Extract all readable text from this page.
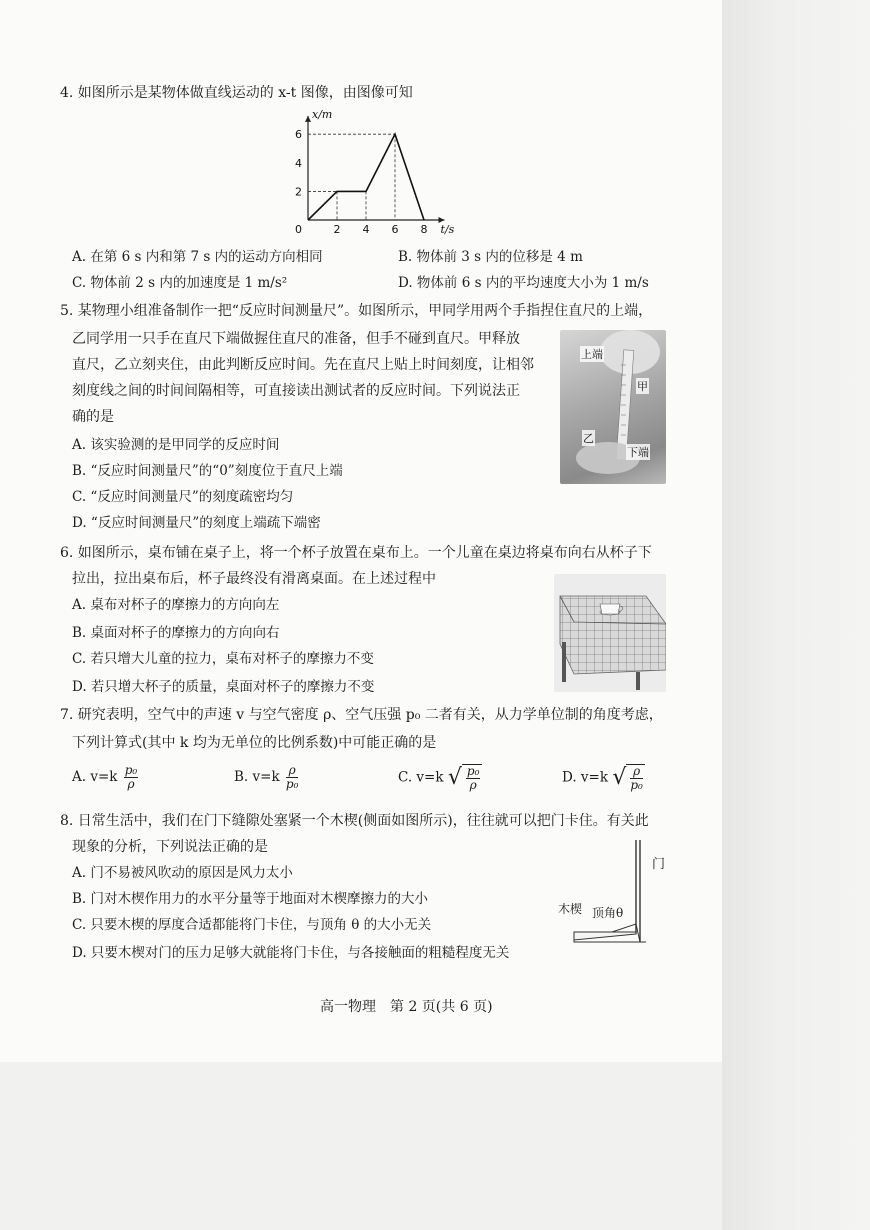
4. 如图所示是某物体做直线运动的 x-t 图像，由图像可知
2 4 6 8
2
4
6
0
x/m
t/s
A. 在第 6 s 内和第 7 s 内的运动方向相同	B. 物体前 3 s 内的位移是 4 m
C. 物体前 2 s 内的加速度是 1 m/s²	D. 物体前 6 s 内的平均速度大小为 1 m/s
5. 某物理小组准备制作一把“反应时间测量尺”。如图所示，甲同学用两个手指捏住直尺的上端，
乙同学用一只手在直尺下端做握住直尺的准备，但手不碰到直尺。甲释放
直尺，乙立刻夹住，由此判断反应时间。先在直尺上贴上时间刻度，让相邻
刻度线之间的时间间隔相等，可直接读出测试者的反应时间。下列说法正
确的是
上端
甲
乙
下端
A. 该实验测的是甲同学的反应时间
B. “反应时间测量尺”的“0”刻度位于直尺上端
C. “反应时间测量尺”的刻度疏密均匀
D. “反应时间测量尺”的刻度上端疏下端密
6. 如图所示，桌布铺在桌子上，将一个杯子放置在桌布上。一个儿童在桌边将桌布向右从杯子下
拉出，拉出桌布后，杯子最终没有滑离桌面。在上述过程中
A. 桌布对杯子的摩擦力的方向向左
B. 桌面对杯子的摩擦力的方向向右
C. 若只增大儿童的拉力，桌布对杯子的摩擦力不变
D. 若只增大杯子的质量，桌面对杯子的摩擦力不变
7. 研究表明，空气中的声速 v 与空气密度 ρ、空气压强 p₀ 二者有关，从力学单位制的角度考虑，
下列计算式(其中 k 均为无单位的比例系数)中可能正确的是
A. $v=k \frac{\text{p₀}}{\rho}$	B. $v=k \frac{\rho}{\text{p₀}}$	C. v=k √ $\frac{\text{p₀}}{\rho}$	D. v=k √ $\frac{\rho}{\text{p₀}}$
8. 日常生活中，我们在门下缝隙处塞紧一个木楔(侧面如图所示)，往往就可以把门卡住。有关此
现象的分析，下列说法正确的是
门
木楔 顶角θ
A. 门不易被风吹动的原因是风力太小
B. 门对木楔作用力的水平分量等于地面对木楔摩擦力的大小
C. 只要木楔的厚度合适都能将门卡住，与顶角 θ 的大小无关
D. 只要木楔对门的压力足够大就能将门卡住，与各接触面的粗糙程度无关
高一物理　第 2 页(共 6 页)
